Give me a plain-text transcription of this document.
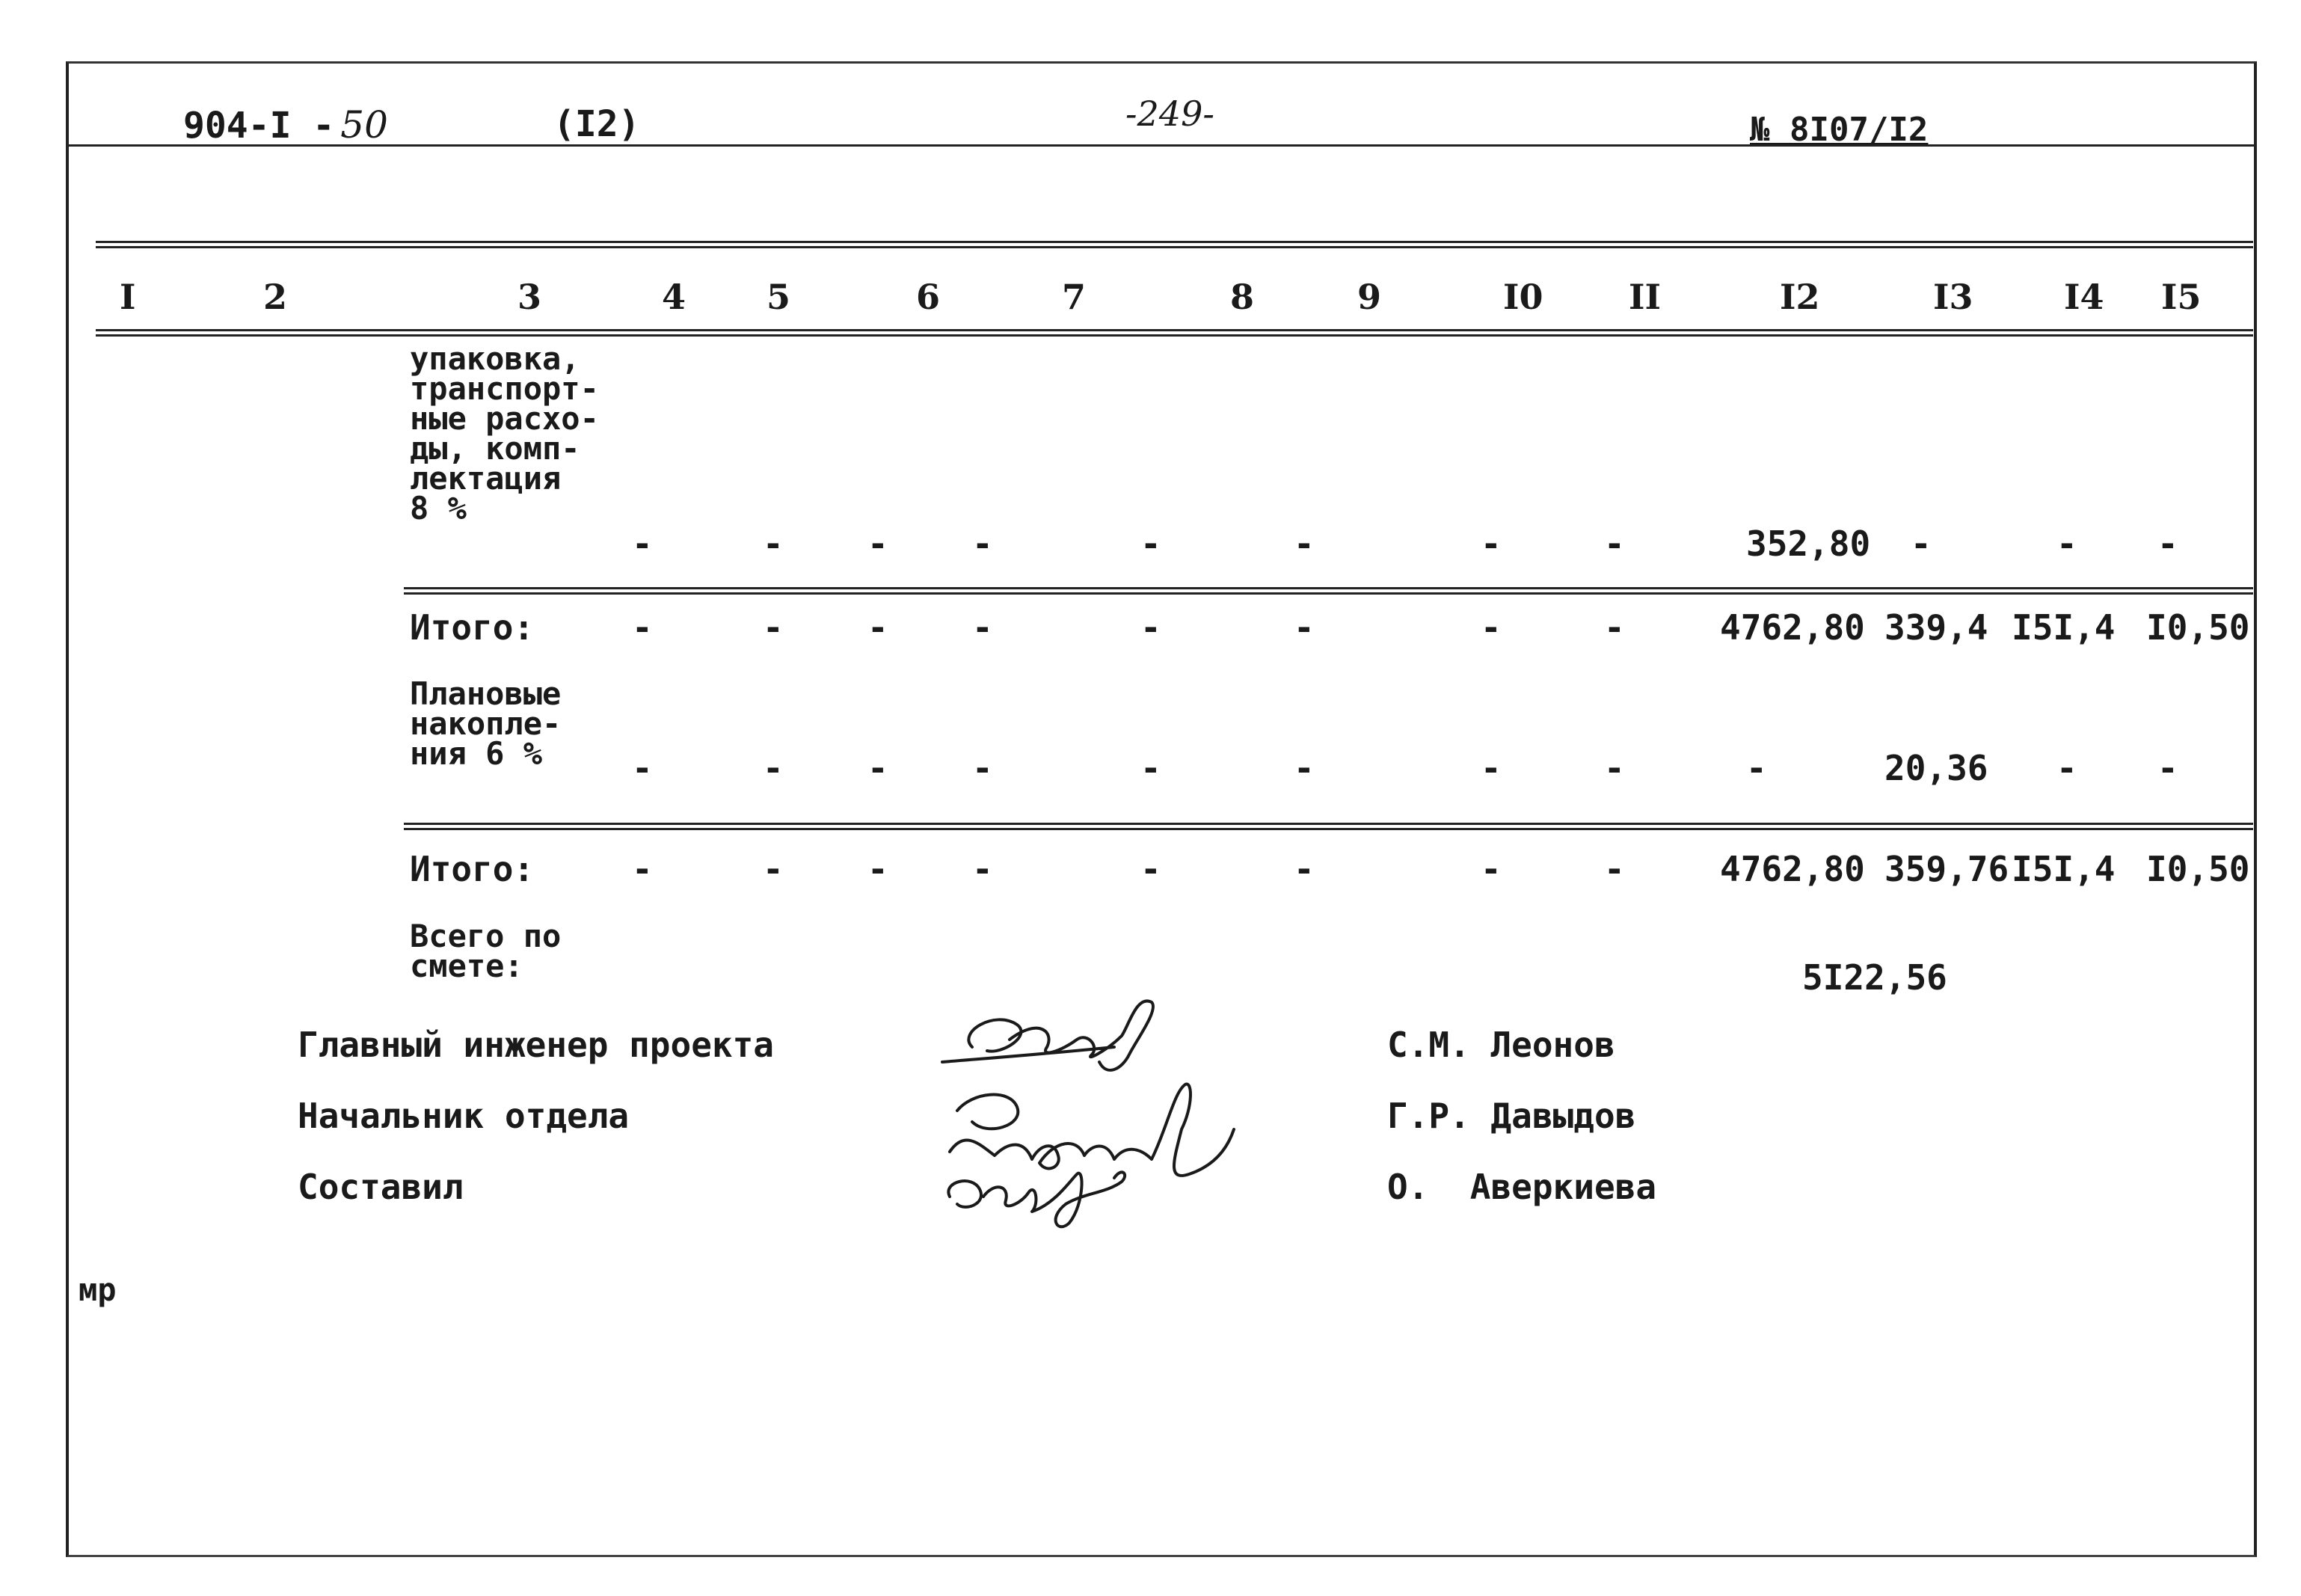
904-I - 50	(I2)	-249-	№ 8I07/I2
I	2	3	4 5	6	7	8	9	I0 II	I2	I3	I4 I5
упаковка,
транспорт-
ные расхо-
ды, комп-
лектация
8 %
-	- - -	-	-	-	-	352,80 -	- -
Итого:	-	- - -	-	-	-	-	4762,80 339,4 I5I,4 I0,50
Плановые
накопле-
ния 6 %	-	- - -	-	-	-	-	-	20,36 - -
Итого:	-	- - -	-	-	-	-	4762,80 359,76 I5I,4 I0,50
Всего по
смете:	5I22,56
Главный инженер проекта
Начальник отдела
Составил
С.М. Леонов
Г.Р. Давыдов
О.  Аверкиева
мр
